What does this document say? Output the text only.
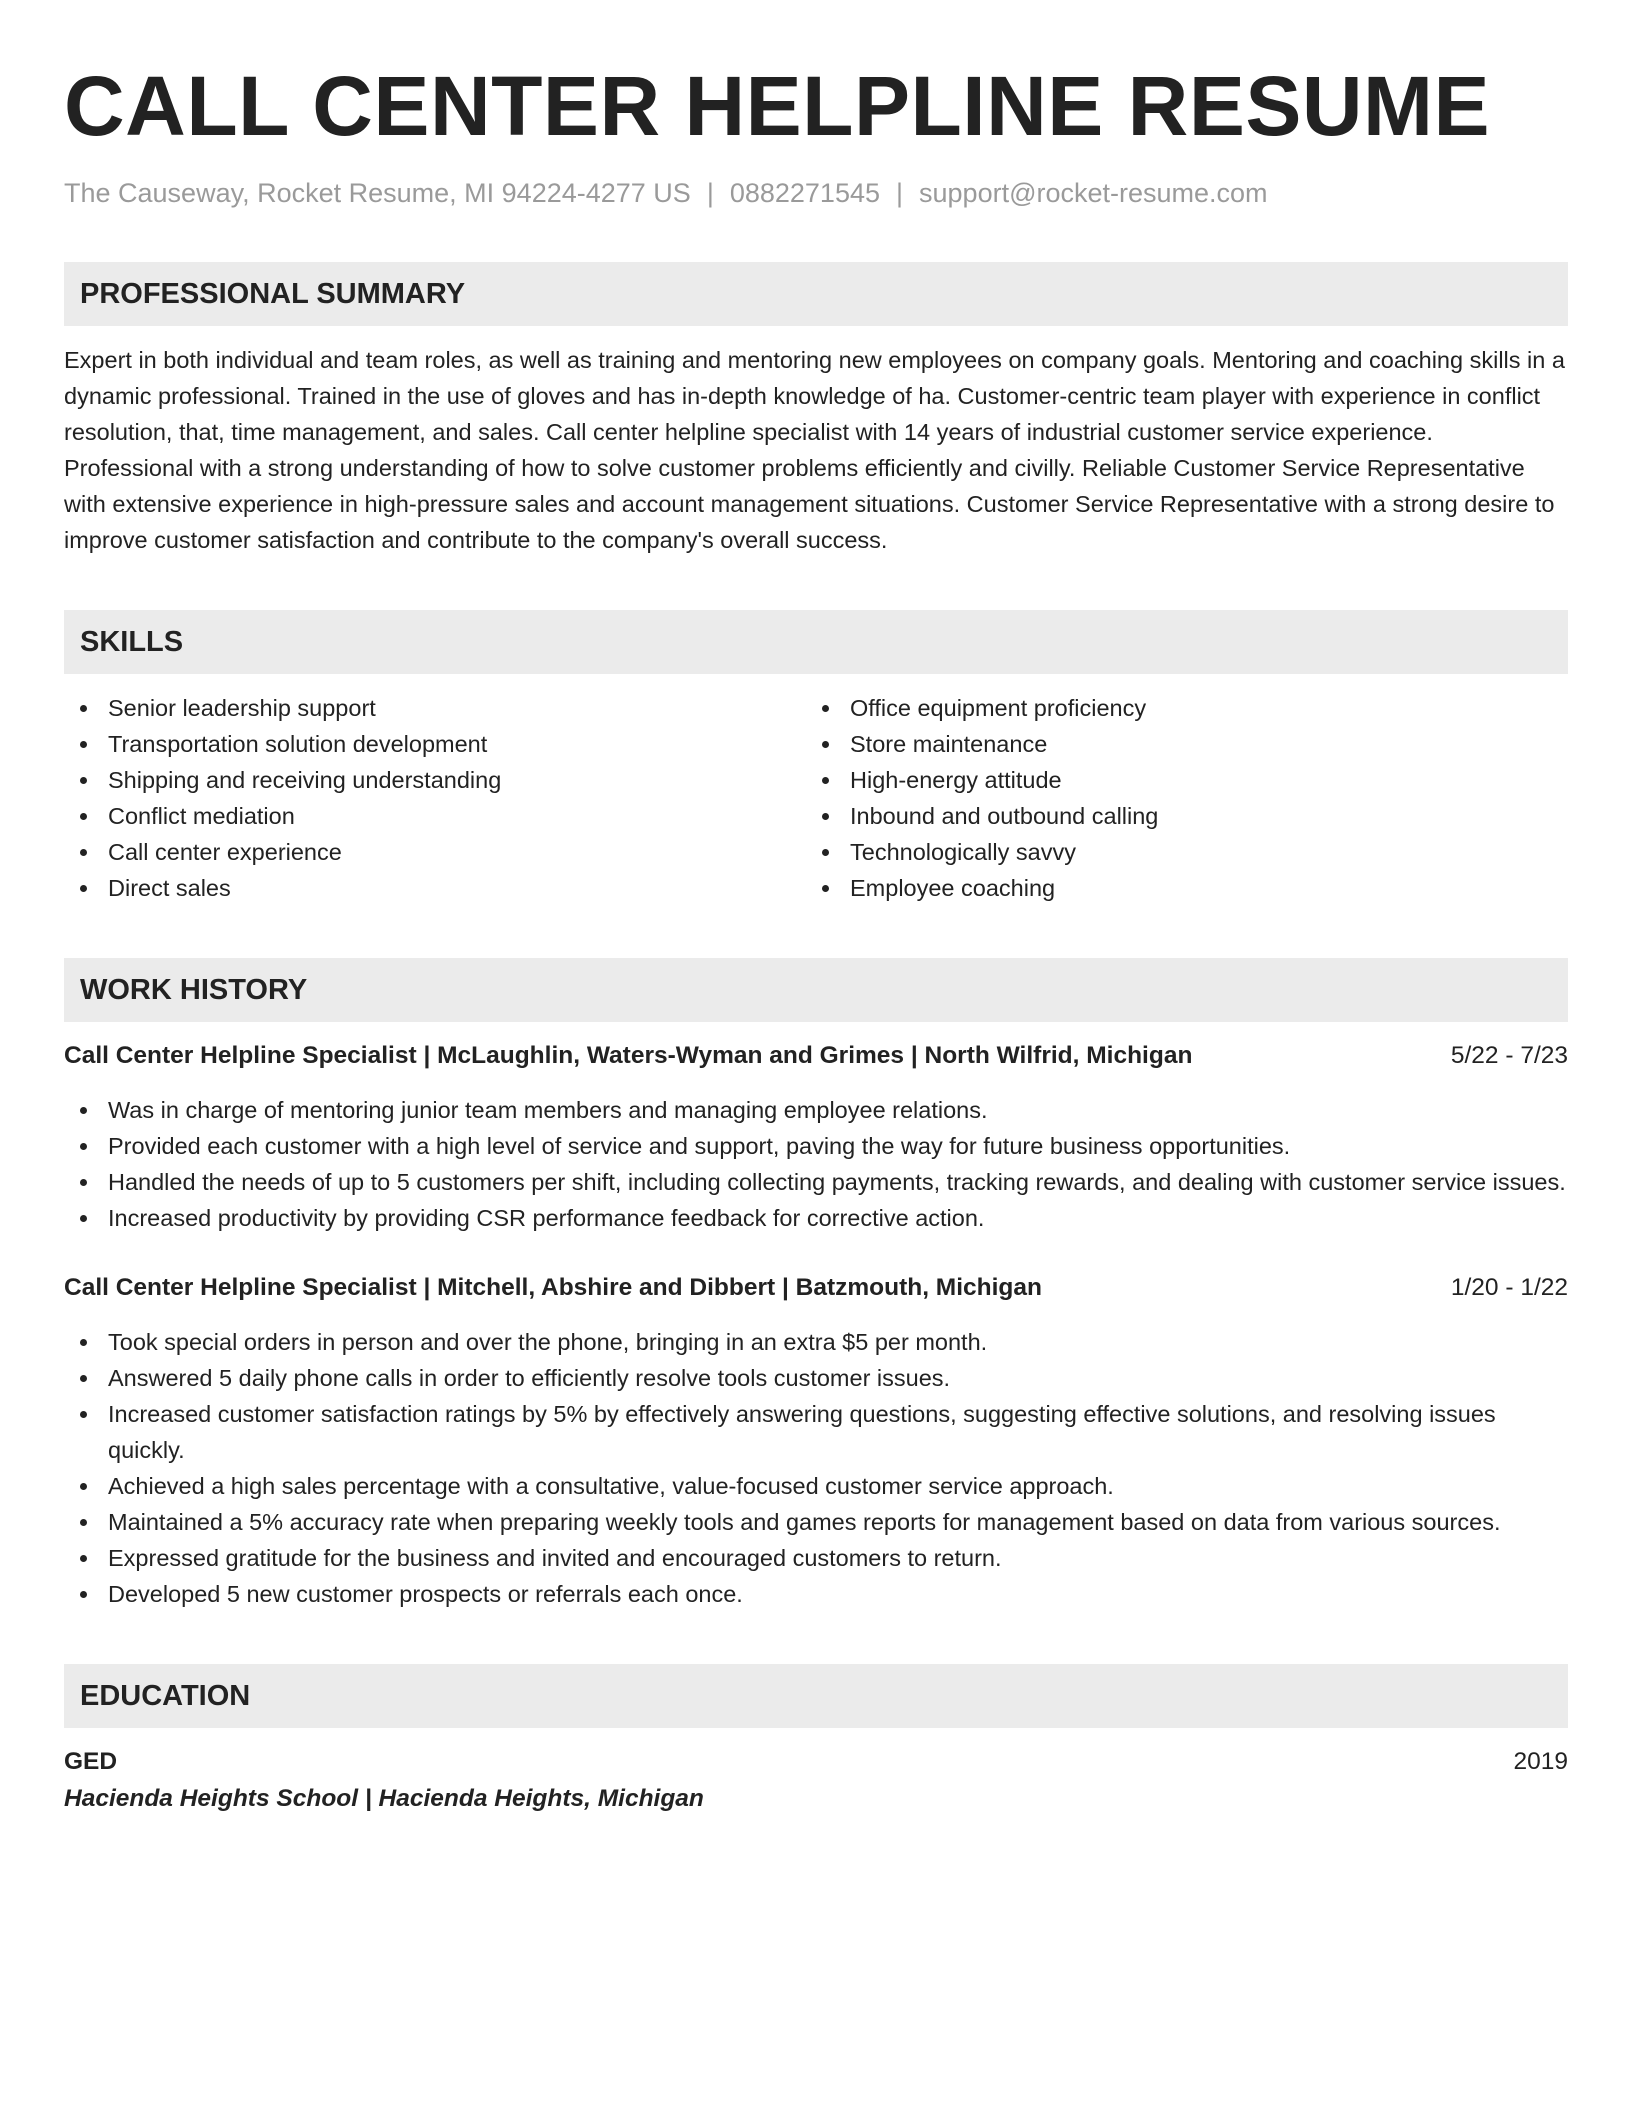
CALL CENTER HELPLINE RESUME
The Causeway, Rocket Resume, MI 94224-4277 US | 0882271545 | support@rocket-resume.com
PROFESSIONAL SUMMARY

Expert in both individual and team roles, as well as training and mentoring new employees on company goals. Mentoring and coaching skills in a dynamic professional. Trained in the use of gloves and has in-depth knowledge of ha. Customer-centric team player with experience in conflict resolution, that, time management, and sales. Call center helpline specialist with 14 years of industrial customer service experience. Professional with a strong understanding of how to solve customer problems efficiently and civilly. Reliable Customer Service Representative with extensive experience in high-pressure sales and account management situations. Customer Service Representative with a strong desire to improve customer satisfaction and contribute to the company's overall success.

SKILLS
Senior leadership support
Transportation solution development
Shipping and receiving understanding
Conflict mediation
Call center experience
Direct sales
Office equipment proficiency
Store maintenance
High-energy attitude
Inbound and outbound calling
Technologically savvy
Employee coaching
WORK HISTORY
Call Center Helpline Specialist | McLaughlin, Waters-Wyman and Grimes | North Wilfrid, Michigan	5/22 - 7/23
Was in charge of mentoring junior team members and managing employee relations.
Provided each customer with a high level of service and support, paving the way for future business opportunities.
Handled the needs of up to 5 customers per shift, including collecting payments, tracking rewards, and dealing with customer service issues.
Increased productivity by providing CSR performance feedback for corrective action.
Call Center Helpline Specialist | Mitchell, Abshire and Dibbert | Batzmouth, Michigan	1/20 - 1/22
Took special orders in person and over the phone, bringing in an extra $5 per month.
Answered 5 daily phone calls in order to efficiently resolve tools customer issues.
Increased customer satisfaction ratings by 5% by effectively answering questions, suggesting effective solutions, and resolving issues quickly.
Achieved a high sales percentage with a consultative, value-focused customer service approach.
Maintained a 5% accuracy rate when preparing weekly tools and games reports for management based on data from various sources.
Expressed gratitude for the business and invited and encouraged customers to return.
Developed 5 new customer prospects or referrals each once.
EDUCATION
GED	2019
Hacienda Heights School | Hacienda Heights, Michigan
